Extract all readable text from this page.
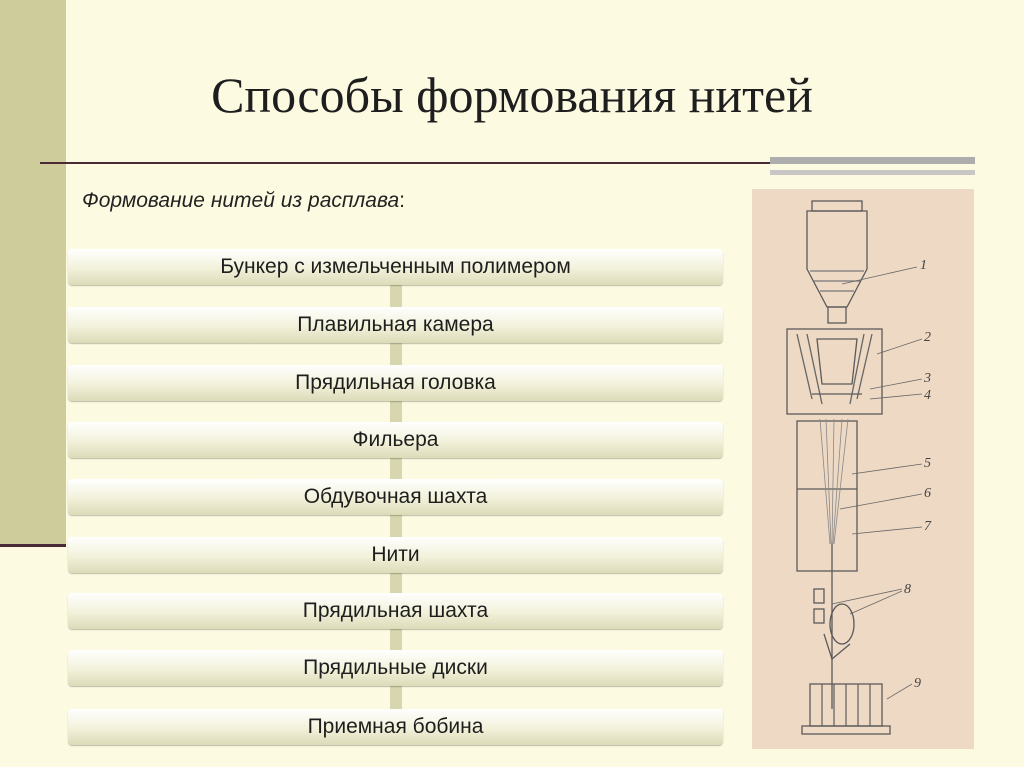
Способы формования нитей
Формование нитей из расплава:
Бункер с измельченным полимером
Плавильная камера
Прядильная головка
Фильера
Обдувочная шахта
Нити
Прядильная шахта
Прядильные диски
Приемная бобина
1
2
3
4
5
6
7
8
9
